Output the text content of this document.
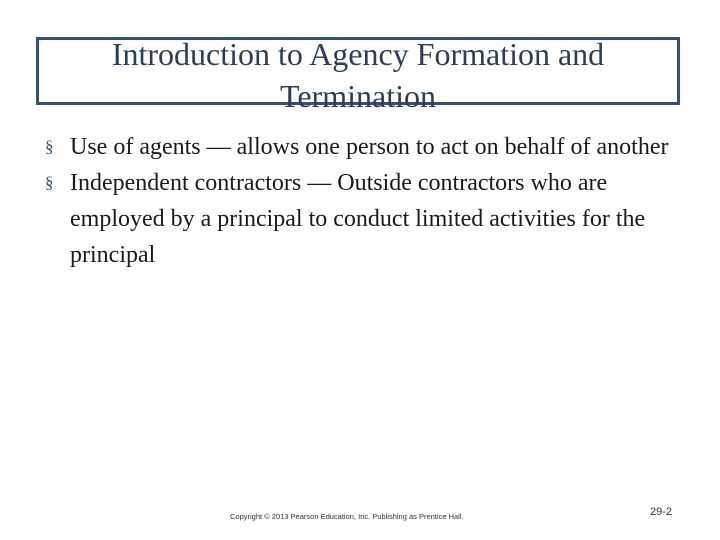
Introduction to Agency Formation and
Termination
§ Use of agents — allows one person to act on behalf of another
§ Independent contractors — Outside contractors who are employed by a principal to conduct limited activities for the principal
Copyright © 2013 Pearson Education, Inc. Publishing as Prentice Hall.	29-2
